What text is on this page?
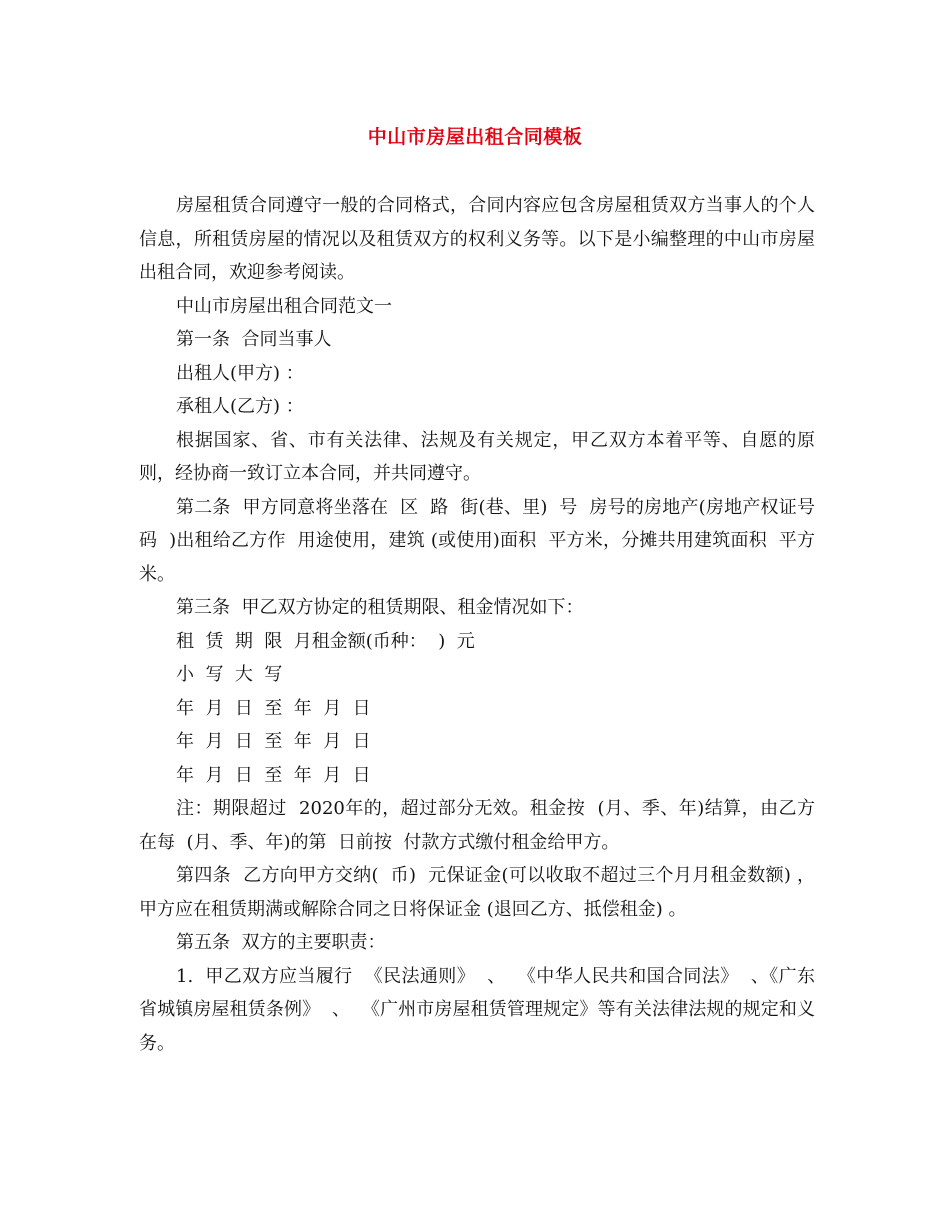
中山市房屋出租合同模板

房屋租赁合同遵守一般的合同格式，合同内容应包含房屋租赁双方当事人的个人信息，所租赁房屋的情况以及租赁双方的权利义务等。以下是小编整理的中山市房屋出租合同，欢迎参考阅读。

中山市房屋出租合同范文一

第一条  合同当事人

出租人(甲方) ：

承租人(乙方) ：

根据国家、省、市有关法律、法规及有关规定，甲乙双方本着平等、自愿的原则，经协商一致订立本合同，并共同遵守。

第二条  甲方同意将坐落在  区  路  街(巷、里)  号  房号的房地产(房地产权证号码  )出租给乙方作  用途使用，建筑 (或使用)面积  平方米，分摊共用建筑面积  平方米。

第三条  甲乙双方协定的租赁期限、租金情况如下：

租  赁  期  限  月租金额(币种：  )  元

小  写  大  写

年  月  日  至  年  月  日

年  月  日  至  年  月  日

年  月  日  至  年  月  日

注：期限超过  2020年的，超过部分无效。租金按  (月、季、年)结算，由乙方在每  (月、季、年)的第  日前按  付款方式缴付租金给甲方。

第四条  乙方向甲方交纳(  币)  元保证金(可以收取不超过三个月月租金数额) ，甲方应在租赁期满或解除合同之日将保证金 (退回乙方、抵偿租金) 。

第五条  双方的主要职责：

1.  甲乙双方应当履行  《民法通则》  、  《中华人民共和国合同法》  、《广东省城镇房屋租赁条例》  、  《广州市房屋租赁管理规定》等有关法律法规的规定和义务。
